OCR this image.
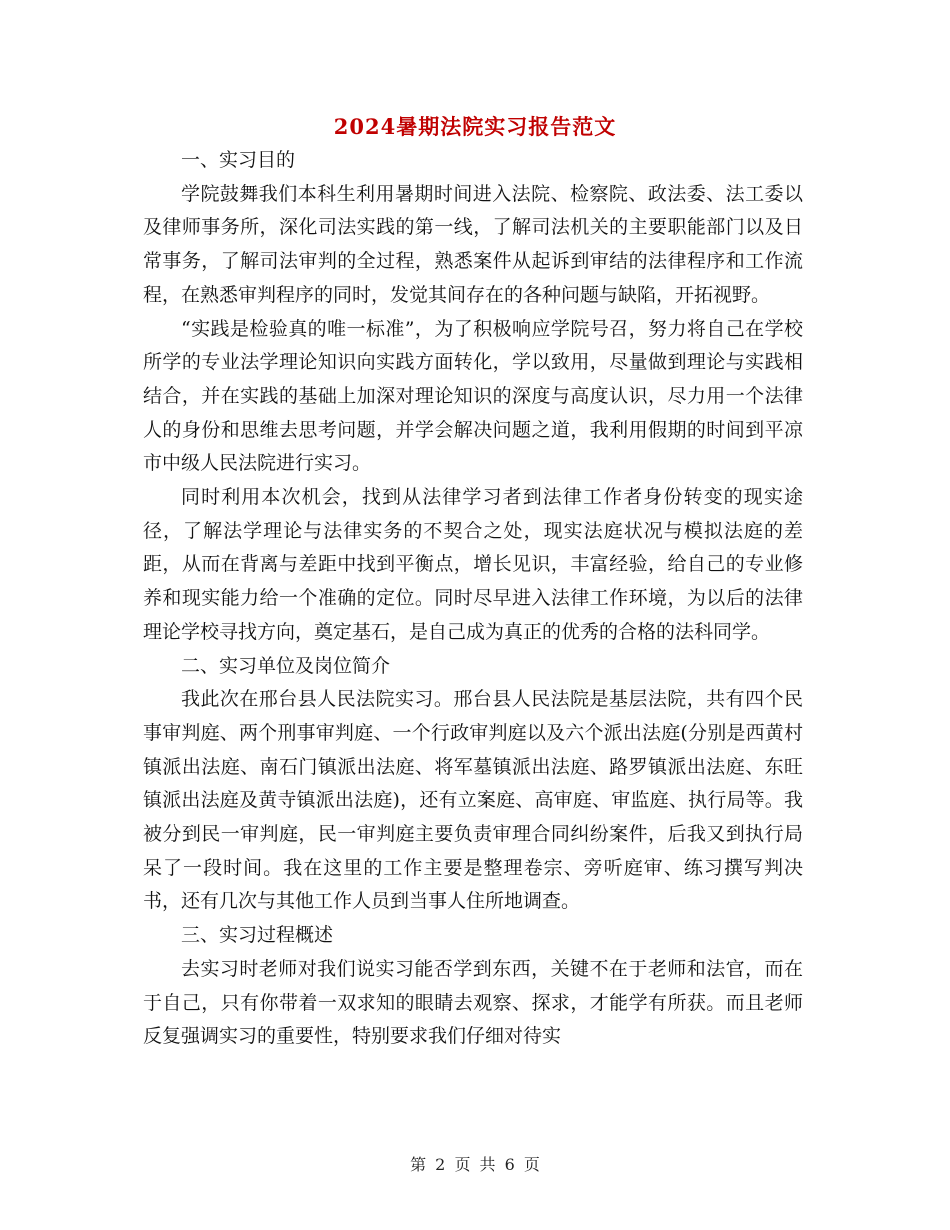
2024暑期法院实习报告范文

一、实习目的

学院鼓舞我们本科生利用暑期时间进入法院、检察院、政法委、法工委以及律师事务所，深化司法实践的第一线，了解司法机关的主要职能部门以及日常事务，了解司法审判的全过程，熟悉案件从起诉到审结的法律程序和工作流程，在熟悉审判程序的同时，发觉其间存在的各种问题与缺陷，开拓视野。

“实践是检验真的唯一标准”，为了积极响应学院号召，努力将自己在学校所学的专业法学理论知识向实践方面转化，学以致用，尽量做到理论与实践相结合，并在实践的基础上加深对理论知识的深度与高度认识，尽力用一个法律人的身份和思维去思考问题，并学会解决问题之道，我利用假期的时间到平凉市中级人民法院进行实习。

同时利用本次机会，找到从法律学习者到法律工作者身份转变的现实途径，了解法学理论与法律实务的不契合之处，现实法庭状况与模拟法庭的差距，从而在背离与差距中找到平衡点，增长见识，丰富经验，给自己的专业修养和现实能力给一个准确的定位。同时尽早进入法律工作环境，为以后的法律理论学校寻找方向，奠定基石，是自己成为真正的优秀的合格的法科同学。

二、实习单位及岗位简介

我此次在邢台县人民法院实习。邢台县人民法院是基层法院，共有四个民事审判庭、两个刑事审判庭、一个行政审判庭以及六个派出法庭(分别是西黄村镇派出法庭、南石门镇派出法庭、将军墓镇派出法庭、路罗镇派出法庭、东旺镇派出法庭及黄寺镇派出法庭)，还有立案庭、高审庭、审监庭、执行局等。我被分到民一审判庭，民一审判庭主要负责审理合同纠纷案件，后我又到执行局呆了一段时间。我在这里的工作主要是整理卷宗、旁听庭审、练习撰写判决书，还有几次与其他工作人员到当事人住所地调查。

三、实习过程概述

去实习时老师对我们说实习能否学到东西，关键不在于老师和法官，而在于自己，只有你带着一双求知的眼睛去观察、探求，才能学有所获。而且老师反复强调实习的重要性，特别要求我们仔细对待实

第 2 页 共 6 页
